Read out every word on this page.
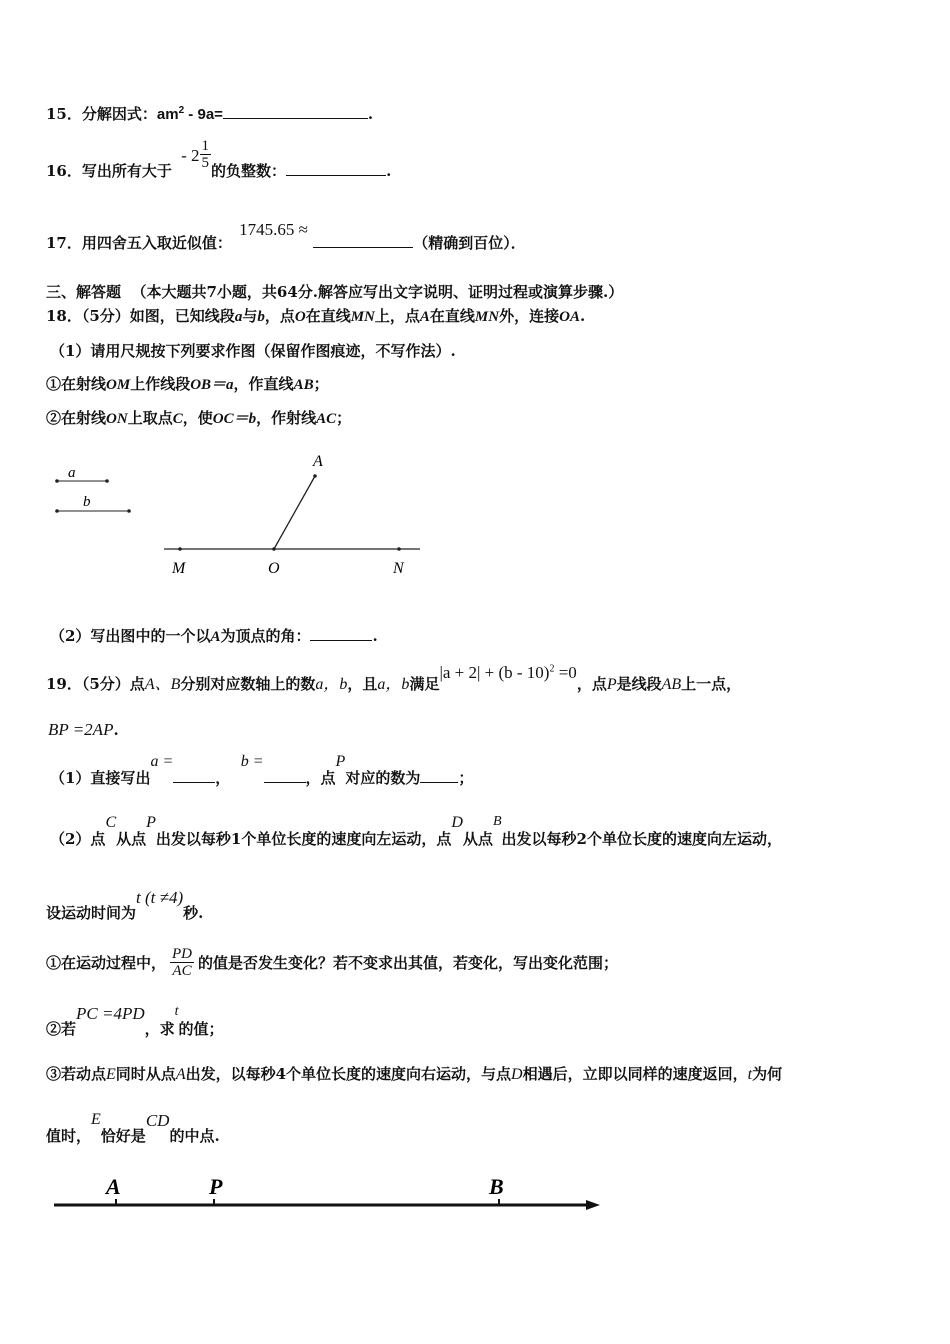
15．分解因式：$am^2 - 9a=$	.
16．写出所有大于 - $2 \frac{1}{5}$ 的负整数：	.
17．用四舍五入取近似值： 1745.65 ≈ （精确到百位）．
三、解答题 （本大题共7小题，共64分.解答应写出文字说明、证明过程或演算步骤.）
18．（5分）如图，已知线段a与b，点O在直线MN上，点A在直线MN外，连接OA.
（1）请用尺规按下列要求作图（保留作图痕迹，不写作法）.
①在射线OM上作线段OB＝a，作直线AB；
②在射线ON上取点C，使OC＝b，作射线AC；
a
b
A
M	O	N
（2）写出图中的一个以A为顶点的角：	.
19．（5分）点A、B分别对应数轴上的数a，b，且a，b满足|a + 2| + (b - 10)$^2$ =0，点P是线段AB上一点，
BP =2AP.
（1）直接写出a =，  b =，点P对应的数为	；
（2）点C从点P出发以每秒1个单位长度的速度向左运动，点D从点B出发以每秒2个单位长度的速度向左运动，
设运动时间为t (t ≠4)秒.
①在运动过程中， $\frac{PD}{AC}$ 的值是否发生变化？若不变求出其值，若变化，写出变化范围；
②若PC =4PD，求t的值；
③若动点E同时从点A出发，以每秒4个单位长度的速度向右运动，与点D相遇后，立即以同样的速度返回，t为何
值时，E恰好是CD的中点.
A	P	B
